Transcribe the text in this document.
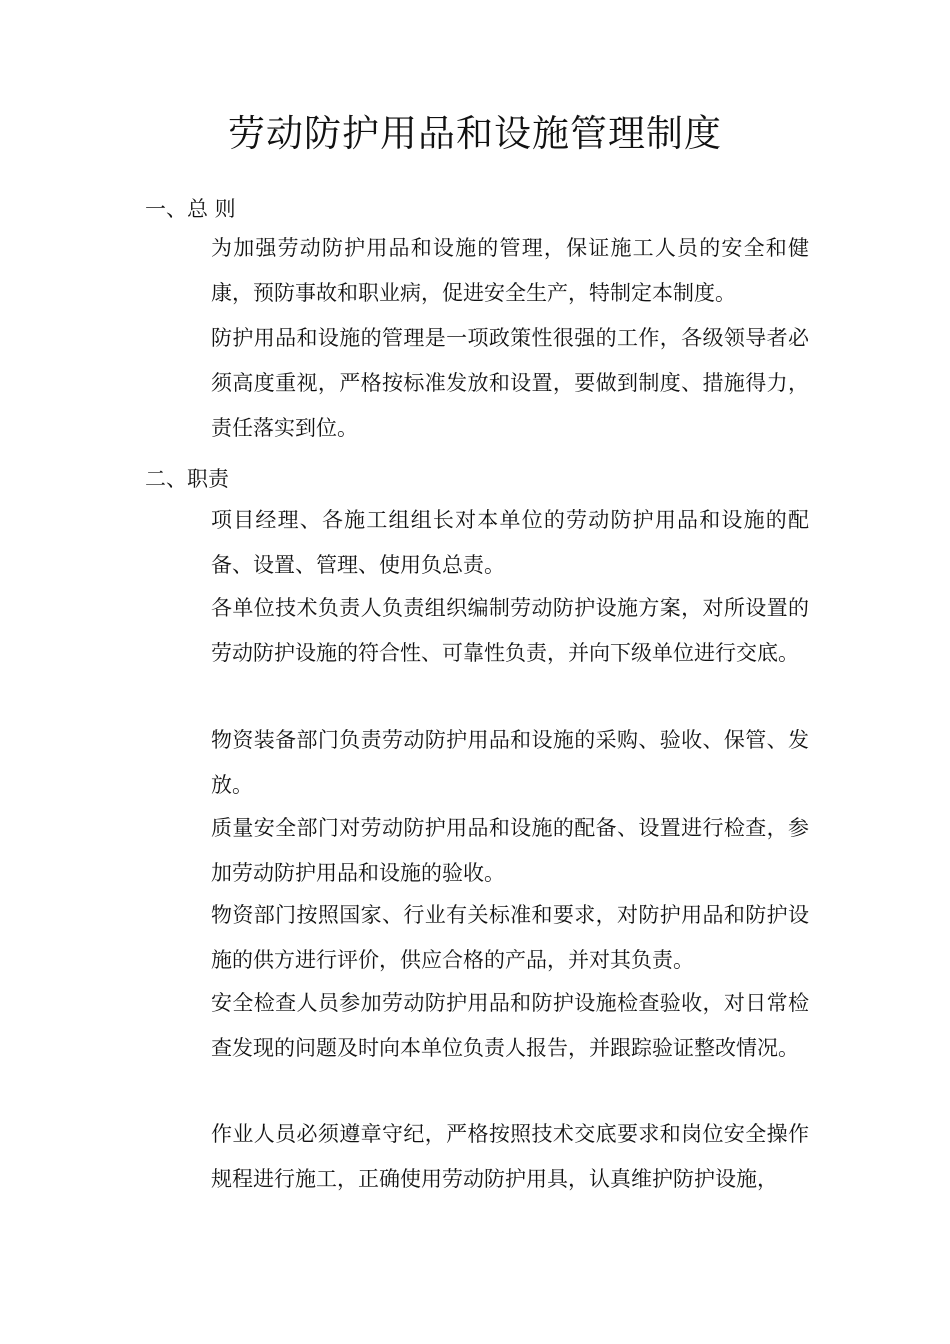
劳动防护用品和设施管理制度
一、总 则

为加强劳动防护用品和设施的管理，保证施工人员的安全和健康，预防事故和职业病，促进安全生产，特制定本制度。

防护用品和设施的管理是一项政策性很强的工作，各级领导者必须高度重视，严格按标准发放和设置，要做到制度、措施得力，责任落实到位。

二、职责

项目经理、各施工组组长对本单位的劳动防护用品和设施的配备、设置、管理、使用负总责。

各单位技术负责人负责组织编制劳动防护设施方案，对所设置的劳动防护设施的符合性、可靠性负责，并向下级单位进行交底。

物资装备部门负责劳动防护用品和设施的采购、验收、保管、发放。

质量安全部门对劳动防护用品和设施的配备、设置进行检查，参加劳动防护用品和设施的验收。

物资部门按照国家、行业有关标准和要求，对防护用品和防护设施的供方进行评价，供应合格的产品，并对其负责。

安全检查人员参加劳动防护用品和防护设施检查验收，对日常检查发现的问题及时向本单位负责人报告，并跟踪验证整改情况。

作业人员必须遵章守纪，严格按照技术交底要求和岗位安全操作规程进行施工，正确使用劳动防护用具，认真维护防护设施，
